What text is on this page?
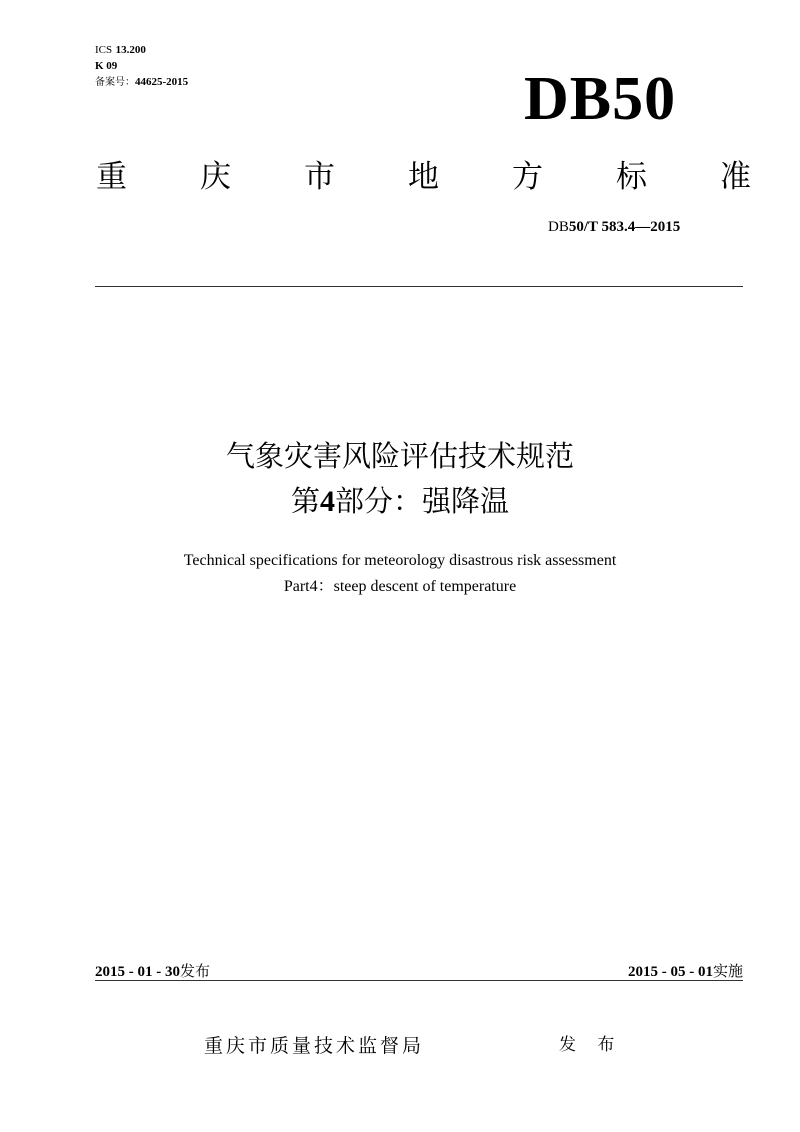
ICS 13.200
K 09
备案号：44625-2015	DB50
重 庆 市 地 方 标 准
DB50/T 583.4—2015
气象灾害风险评估技术规范
第4部分：强降温
Technical specifications for meteorology disastrous risk assessment
Part4：steep descent of temperature
2015 - 01 - 30发布	2015 - 05 - 01实施
重庆市质量技术监督局	发 布
